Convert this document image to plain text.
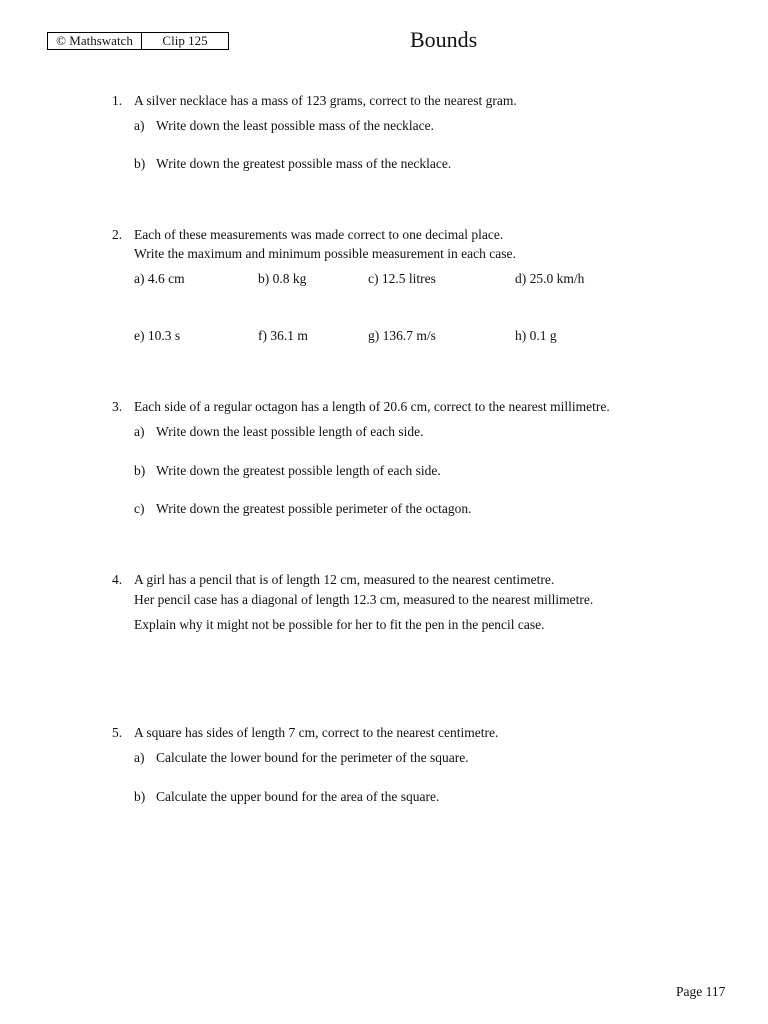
© Mathswatch	Clip 125	Bounds
1. A silver necklace has a mass of 123 grams, correct to the nearest gram.
a) Write down the least possible mass of the necklace.
b) Write down the greatest possible mass of the necklace.
2. Each of these measurements was made correct to one decimal place.
Write the maximum and minimum possible measurement in each case.
a) 4.6 cm	b) 0.8 kg	c) 12.5 litres	d) 25.0 km/h
e) 10.3 s	f) 36.1 m	g) 136.7 m/s	h) 0.1 g
3. Each side of a regular octagon has a length of 20.6 cm, correct to the nearest millimetre.
a) Write down the least possible length of each side.
b) Write down the greatest possible length of each side.
c) Write down the greatest possible perimeter of the octagon.
4. A girl has a pencil that is of length 12 cm, measured to the nearest centimetre.
Her pencil case has a diagonal of length 12.3 cm, measured to the nearest millimetre.
Explain why it might not be possible for her to fit the pen in the pencil case.
5. A square has sides of length 7 cm, correct to the nearest centimetre.
a) Calculate the lower bound for the perimeter of the square.
b) Calculate the upper bound for the area of the square.
Page 117
